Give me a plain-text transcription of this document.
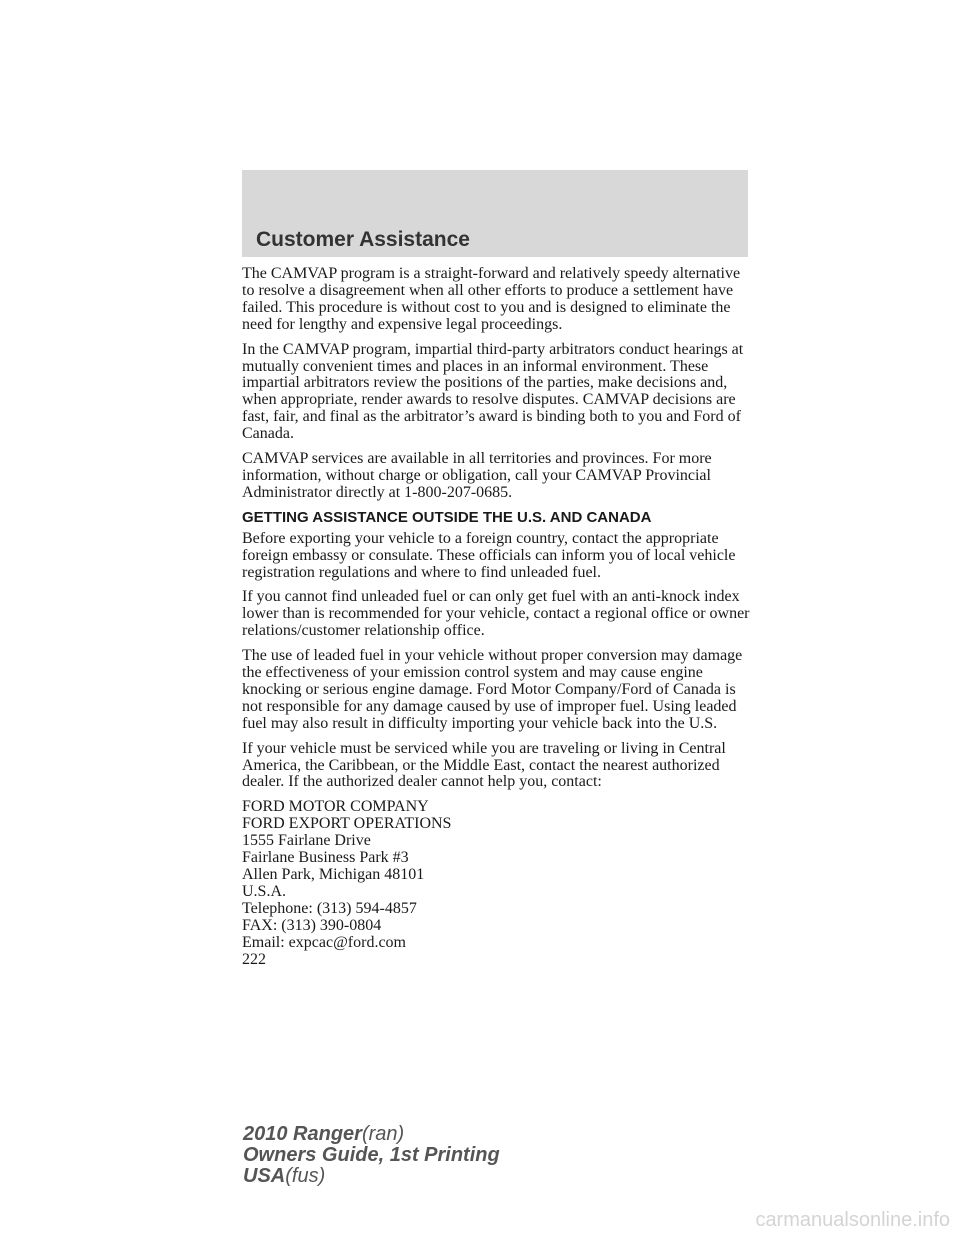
Customer Assistance

The CAMVAP program is a straight-forward and relatively speedy alternative to resolve a disagreement when all other efforts to produce a settlement have failed. This procedure is without cost to you and is designed to eliminate the need for lengthy and expensive legal proceedings.

In the CAMVAP program, impartial third-party arbitrators conduct hearings at mutually convenient times and places in an informal environment. These impartial arbitrators review the positions of the parties, make decisions and, when appropriate, render awards to resolve disputes. CAMVAP decisions are fast, fair, and final as the arbitrator’s award is binding both to you and Ford of Canada.

CAMVAP services are available in all territories and provinces. For more information, without charge or obligation, call your CAMVAP Provincial Administrator directly at 1-800-207-0685.

GETTING ASSISTANCE OUTSIDE THE U.S. AND CANADA

Before exporting your vehicle to a foreign country, contact the appropriate foreign embassy or consulate. These officials can inform you of local vehicle registration regulations and where to find unleaded fuel.

If you cannot find unleaded fuel or can only get fuel with an anti-knock index lower than is recommended for your vehicle, contact a regional office or owner relations/customer relationship office.

The use of leaded fuel in your vehicle without proper conversion may damage the effectiveness of your emission control system and may cause engine knocking or serious engine damage. Ford Motor Company/Ford of Canada is not responsible for any damage caused by use of improper fuel. Using leaded fuel may also result in difficulty importing your vehicle back into the U.S.

If your vehicle must be serviced while you are traveling or living in Central America, the Caribbean, or the Middle East, contact the nearest authorized dealer. If the authorized dealer cannot help you, contact:

FORD MOTOR COMPANY
FORD EXPORT OPERATIONS
1555 Fairlane Drive
Fairlane Business Park #3
Allen Park, Michigan 48101
U.S.A.
Telephone: (313) 594-4857
FAX: (313) 390-0804
Email: expcac@ford.com
222
2010 Ranger(ran)
Owners Guide, 1st Printing
USA(fus)
carmanualsonline.info
